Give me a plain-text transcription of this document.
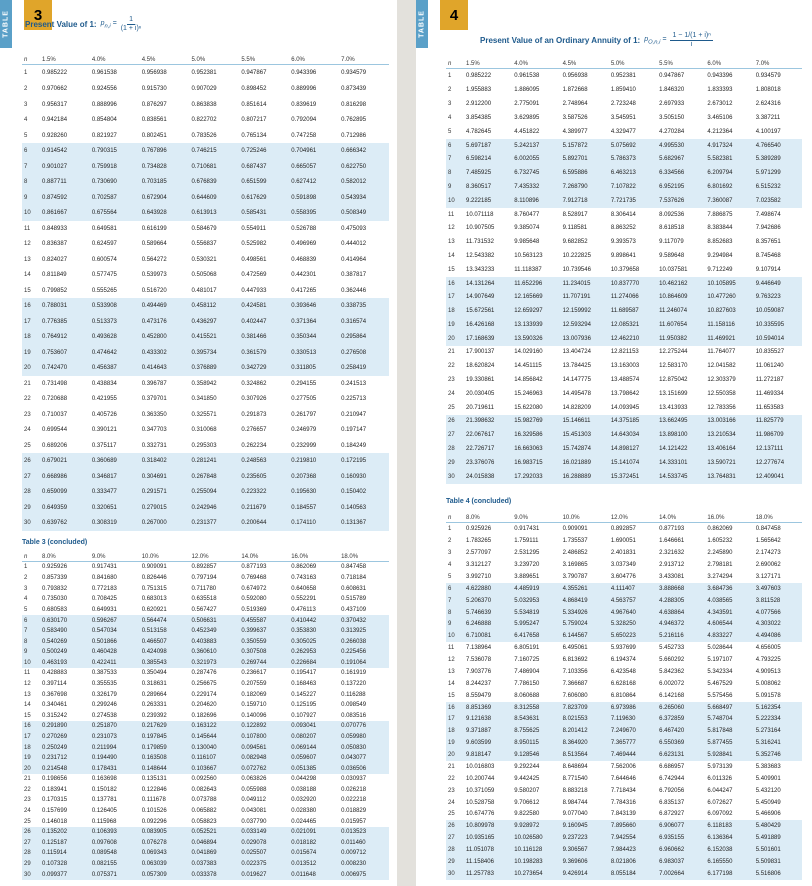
TABLE	3
Present Value of 1: $p_{n,i} = \frac{1}{\text{(1 + i)ⁿ}}$
n	1.5%	4.0%	4.5%	5.0%	5.5%	6.0%	7.0%
1	0.985222	0.961538	0.956938	0.952381	0.947867	0.943396	0.934579
2	0.970662	0.924556	0.915730	0.907029	0.898452	0.889996	0.873439
3	0.956317	0.888996	0.876297	0.863838	0.851614	0.839619	0.816298
4	0.942184	0.854804	0.838561	0.822702	0.807217	0.792094	0.762895
5	0.928260	0.821927	0.802451	0.783526	0.765134	0.747258	0.712986
6	0.914542	0.790315	0.767896	0.746215	0.725246	0.704961	0.666342
7	0.901027	0.759918	0.734828	0.710681	0.687437	0.665057	0.622750
8	0.887711	0.730690	0.703185	0.676839	0.651599	0.627412	0.582012
9	0.874592	0.702587	0.672904	0.644609	0.617629	0.591898	0.543934
10	0.861667	0.675564	0.643928	0.613913	0.585431	0.558395	0.508349
11	0.848933	0.649581	0.616199	0.584679	0.554911	0.526788	0.475093
12	0.836387	0.624597	0.589664	0.556837	0.525982	0.496969	0.444012
13	0.824027	0.600574	0.564272	0.530321	0.498561	0.468839	0.414964
14	0.811849	0.577475	0.539973	0.505068	0.472569	0.442301	0.387817
15	0.799852	0.555265	0.516720	0.481017	0.447933	0.417265	0.362446
16	0.788031	0.533908	0.494469	0.458112	0.424581	0.393646	0.338735
17	0.776385	0.513373	0.473176	0.436297	0.402447	0.371364	0.316574
18	0.764912	0.493628	0.452800	0.415521	0.381466	0.350344	0.295864
19	0.753607	0.474642	0.433302	0.395734	0.361579	0.330513	0.276508
20	0.742470	0.456387	0.414643	0.376889	0.342729	0.311805	0.258419
21	0.731498	0.438834	0.396787	0.358942	0.324862	0.294155	0.241513
22	0.720688	0.421955	0.379701	0.341850	0.307926	0.277505	0.225713
23	0.710037	0.405726	0.363350	0.325571	0.291873	0.261797	0.210947
24	0.699544	0.390121	0.347703	0.310068	0.276657	0.246979	0.197147
25	0.689206	0.375117	0.332731	0.295303	0.262234	0.232999	0.184249
26	0.679021	0.360689	0.318402	0.281241	0.248563	0.219810	0.172195
27	0.668986	0.346817	0.304691	0.267848	0.235605	0.207368	0.160930
28	0.659099	0.333477	0.291571	0.255094	0.223322	0.195630	0.150402
29	0.649359	0.320651	0.279015	0.242946	0.211679	0.184557	0.140563
30	0.639762	0.308319	0.267000	0.231377	0.200644	0.174110	0.131367
Table 3 (concluded)
n	8.0%	9.0%	10.0%	12.0%	14.0%	16.0%	18.0%
1	0.925926	0.917431	0.909091	0.892857	0.877193	0.862069	0.847458
2	0.857339	0.841680	0.826446	0.797194	0.769468	0.743163	0.718184
3	0.793832	0.772183	0.751315	0.711780	0.674972	0.640658	0.608631
4	0.735030	0.708425	0.683013	0.635518	0.592080	0.552291	0.515789
5	0.680583	0.649931	0.620921	0.567427	0.519369	0.476113	0.437109
6	0.630170	0.596267	0.564474	0.506631	0.455587	0.410442	0.370432
7	0.583490	0.547034	0.513158	0.452349	0.399637	0.353830	0.313925
8	0.540269	0.501866	0.466507	0.403883	0.350559	0.305025	0.266038
9	0.500249	0.460428	0.424098	0.360610	0.307508	0.262953	0.225456
10	0.463193	0.422411	0.385543	0.321973	0.269744	0.226684	0.191064
11	0.428883	0.387533	0.350494	0.287476	0.236617	0.195417	0.161919
12	0.397114	0.355535	0.318631	0.256675	0.207559	0.168463	0.137220
13	0.367698	0.326179	0.289664	0.229174	0.182069	0.145227	0.116288
14	0.340461	0.299246	0.263331	0.204620	0.159710	0.125195	0.098549
15	0.315242	0.274538	0.239392	0.182696	0.140096	0.107927	0.083516
16	0.291890	0.251870	0.217629	0.163122	0.122892	0.093041	0.070776
17	0.270269	0.231073	0.197845	0.145644	0.107800	0.080207	0.059980
18	0.250249	0.211994	0.179859	0.130040	0.094561	0.069144	0.050830
19	0.231712	0.194490	0.163508	0.116107	0.082948	0.059607	0.043077
20	0.214548	0.178431	0.148644	0.103667	0.072762	0.051385	0.036506
21	0.198656	0.163698	0.135131	0.092560	0.063826	0.044298	0.030937
22	0.183941	0.150182	0.122846	0.082643	0.055988	0.038188	0.026218
23	0.170315	0.137781	0.111678	0.073788	0.049112	0.032920	0.022218
24	0.157699	0.126405	0.101526	0.065882	0.043081	0.028380	0.018829
25	0.146018	0.115968	0.092296	0.058823	0.037790	0.024465	0.015957
26	0.135202	0.106393	0.083905	0.052521	0.033149	0.021091	0.013523
27	0.125187	0.097608	0.076278	0.046894	0.029078	0.018182	0.011460
28	0.115914	0.089548	0.069343	0.041869	0.025507	0.015674	0.009712
29	0.107328	0.082155	0.063039	0.037383	0.022375	0.013512	0.008230
30	0.099377	0.075371	0.057309	0.033378	0.019627	0.011648	0.006975
TABLE	4
Present Value of an Ordinary Annuity of 1: $p_{O,n,i} = \frac{\text{1 − 1/(1 + i)ⁿ}}{i}$
n	1.5%	4.0%	4.5%	5.0%	5.5%	6.0%	7.0%
1	0.985222	0.961538	0.956938	0.952381	0.947867	0.943396	0.934579
2	1.955883	1.886095	1.872668	1.859410	1.846320	1.833393	1.808018
3	2.912200	2.775091	2.748964	2.723248	2.697933	2.673012	2.624316
4	3.854385	3.629895	3.587526	3.545951	3.505150	3.465106	3.387211
5	4.782645	4.451822	4.389977	4.329477	4.270284	4.212364	4.100197
6	5.697187	5.242137	5.157872	5.075692	4.995530	4.917324	4.766540
7	6.598214	6.002055	5.892701	5.786373	5.682967	5.582381	5.389289
8	7.485925	6.732745	6.595886	6.463213	6.334566	6.209794	5.971299
9	8.360517	7.435332	7.268790	7.107822	6.952195	6.801692	6.515232
10	9.222185	8.110896	7.912718	7.721735	7.537626	7.360087	7.023582
11	10.071118	8.760477	8.528917	8.306414	8.092536	7.886875	7.498674
12	10.907505	9.385074	9.118581	8.863252	8.618518	8.383844	7.942686
13	11.731532	9.985648	9.682852	9.393573	9.117079	8.852683	8.357651
14	12.543382	10.563123	10.222825	9.898641	9.589648	9.294984	8.745468
15	13.343233	11.118387	10.739546	10.379658	10.037581	9.712249	9.107914
16	14.131264	11.652296	11.234015	10.837770	10.462162	10.105895	9.446649
17	14.907649	12.165669	11.707191	11.274066	10.864609	10.477260	9.763223
18	15.672561	12.659297	12.159992	11.689587	11.246074	10.827603	10.059087
19	16.426168	13.133939	12.593294	12.085321	11.607654	11.158116	10.335595
20	17.168639	13.590326	13.007936	12.462210	11.950382	11.469921	10.594014
21	17.900137	14.029160	13.404724	12.821153	12.275244	11.764077	10.835527
22	18.620824	14.451115	13.784425	13.163003	12.583170	12.041582	11.061240
23	19.330861	14.856842	14.147775	13.488574	12.875042	12.303379	11.272187
24	20.030405	15.246963	14.495478	13.798642	13.151699	12.550358	11.469334
25	20.719611	15.622080	14.828209	14.093945	13.413933	12.783356	11.653583
26	21.398632	15.982769	15.146611	14.375185	13.662495	13.003166	11.825779
27	22.067617	16.329586	15.451303	14.643034	13.898100	13.210534	11.986709
28	22.726717	16.663063	15.742874	14.898127	14.121422	13.406164	12.137111
29	23.376076	16.983715	16.021889	15.141074	14.333101	13.590721	12.277674
30	24.015838	17.292033	16.288889	15.372451	14.533745	13.764831	12.409041
Table 4 (concluded)
n	8.0%	9.0%	10.0%	12.0%	14.0%	16.0%	18.0%
1	0.925926	0.917431	0.909091	0.892857	0.877193	0.862069	0.847458
2	1.783265	1.759111	1.735537	1.690051	1.646661	1.605232	1.565642
3	2.577097	2.531295	2.486852	2.401831	2.321632	2.245890	2.174273
4	3.312127	3.239720	3.169865	3.037349	2.913712	2.798181	2.690062
5	3.992710	3.889651	3.790787	3.604776	3.433081	3.274294	3.127171
6	4.622880	4.485919	4.355261	4.111407	3.888668	3.684736	3.497603
7	5.206370	5.032953	4.868419	4.563757	4.288305	4.038565	3.811528
8	5.746639	5.534819	5.334926	4.967640	4.638864	4.343591	4.077566
9	6.246888	5.995247	5.759024	5.328250	4.946372	4.606544	4.303022
10	6.710081	6.417658	6.144567	5.650223	5.216116	4.833227	4.494086
11	7.138964	6.805191	6.495061	5.937699	5.452733	5.028644	4.656005
12	7.536078	7.160725	6.813692	6.194374	5.660292	5.197107	4.793225
13	7.903776	7.486904	7.103356	6.423548	5.842362	5.342334	4.909513
14	8.244237	7.786150	7.366687	6.628168	6.002072	5.467529	5.008062
15	8.559479	8.060688	7.606080	6.810864	6.142168	5.575456	5.091578
16	8.851369	8.312558	7.823709	6.973986	6.265060	5.668497	5.162354
17	9.121638	8.543631	8.021553	7.119630	6.372859	5.748704	5.222334
18	9.371887	8.755625	8.201412	7.249670	6.467420	5.817848	5.273164
19	9.603599	8.950115	8.364920	7.365777	6.550369	5.877455	5.316241
20	9.818147	9.128546	8.513564	7.469444	6.623131	5.928841	5.352746
21	10.016803	9.292244	8.648694	7.562006	6.686957	5.973139	5.383683
22	10.200744	9.442425	8.771540	7.644646	6.742944	6.011326	5.409901
23	10.371059	9.580207	8.883218	7.718434	6.792056	6.044247	5.432120
24	10.528758	9.706612	8.984744	7.784316	6.835137	6.072627	5.450949
25	10.674776	9.822580	9.077040	7.843139	6.872927	6.097092	5.466906
26	10.809978	9.928972	9.160945	7.895660	6.906077	6.118183	5.480429
27	10.935165	10.026580	9.237223	7.942554	6.935155	6.136364	5.491889
28	11.051078	10.116128	9.306567	7.984423	6.960662	6.152038	5.501601
29	11.158406	10.198283	9.369606	8.021806	6.983037	6.165550	5.509831
30	11.257783	10.273654	9.426914	8.055184	7.002664	6.177198	5.516806
